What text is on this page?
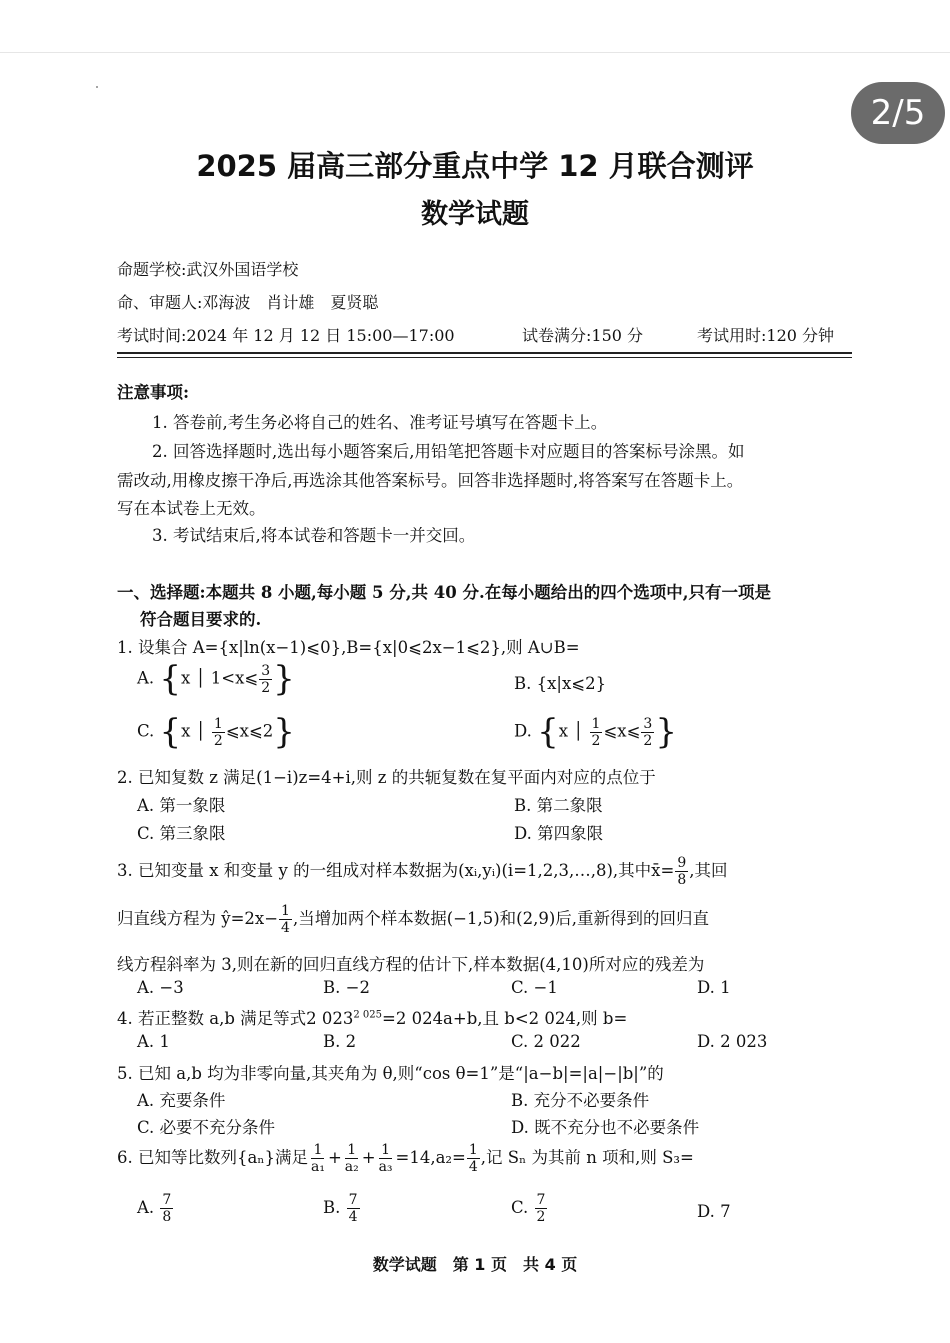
2/5
2025 届高三部分重点中学 12 月联合测评
数学试题
命题学校:武汉外国语学校
命、审题人:邓海波　肖计雄　夏贤聪
考试时间:2024 年 12 月 12 日 15:00—17:00	试卷满分:150 分	考试用时:120 分钟
注意事项:
1. 答卷前,考生务必将自己的姓名、准考证号填写在答题卡上。
2. 回答选择题时,选出每小题答案后,用铅笔把答题卡对应题目的答案标号涂黑。如
需改动,用橡皮擦干净后,再选涂其他答案标号。回答非选择题时,将答案写在答题卡上。
写在本试卷上无效。
3. 考试结束后,将本试卷和答题卡一并交回。
一、选择题:本题共 8 小题,每小题 5 分,共 40 分.在每小题给出的四个选项中,只有一项是
符合题目要求的.
1. 设集合 A={x|ln(x−1)⩽0},B={x|0⩽2x−1⩽2},则 A∪B=
A. {x │ 1<x⩽ $\frac{3}{2}$ }	B. {x|x⩽2}
C. {x │ $\frac{1}{2}$ ⩽x⩽2}	D. {x │ $\frac{1}{2}$ ⩽x⩽ $\frac{3}{2}$ }
2. 已知复数 z 满足(1−i)z=4+i,则 z 的共轭复数在复平面内对应的点位于
A. 第一象限	B. 第二象限
C. 第三象限	D. 第四象限
3. 已知变量 x 和变量 y 的一组成对样本数据为(xᵢ,yᵢ)(i=1,2,3,…,8),其中x̄= $\frac{9}{8}$ ,其回
归直线方程为 ŷ=2x− $\frac{1}{4}$ ,当增加两个样本数据(−1,5)和(2,9)后,重新得到的回归直
线方程斜率为 3,则在新的回归直线方程的估计下,样本数据(4,10)所对应的残差为
A. −3	B. −2	C. −1	D. 1
4. 若正整数 a,b 满足等式2 $023^{2 025}=2$ 024a+b,且 b<2 024,则 b=
A. 1	B. 2	C. 2 022	D. 2 023
5. 已知 a,b 均为非零向量,其夹角为 θ,则“cos θ=1”是“|a−b|=|a|−|b|”的
A. 充要条件	B. 充分不必要条件
C. 必要不充分条件	D. 既不充分也不必要条件
6. 已知等比数列{aₙ}满足 $\frac{1}{\text{a₁}} + \frac{1}{\text{a₂}} + \frac{1}{\text{a₃}} =14,a_2= \frac{1}{4}$ ,记 Sₙ 为其前 n 项和,则 S₃=
A. $\frac{7}{8}$	B. $\frac{7}{4}$	C. $\frac{7}{2}$	D. 7
数学试题　第 1 页　共 4 页
